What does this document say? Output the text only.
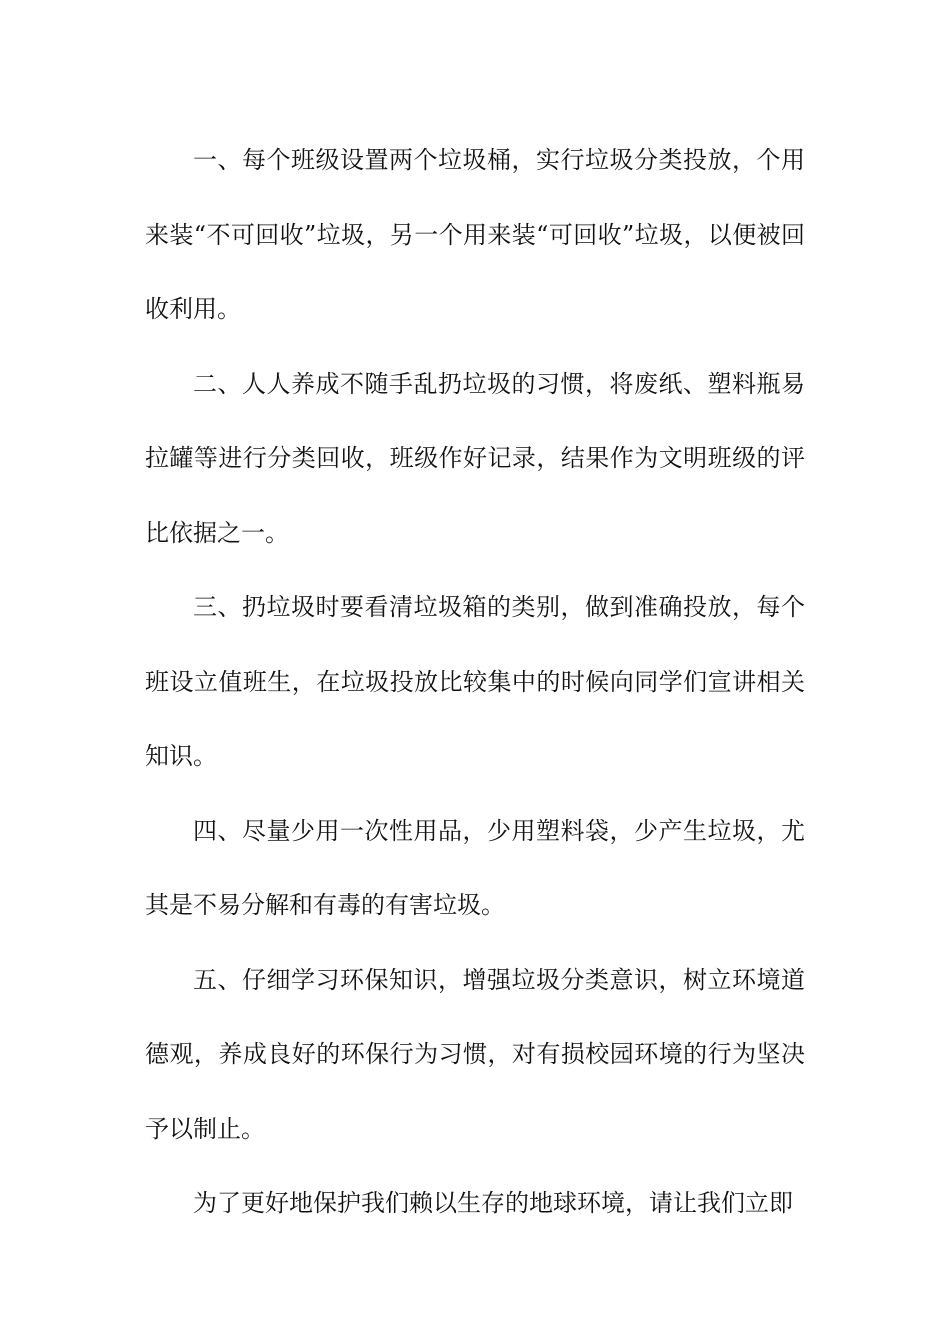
一、每个班级设置两个垃圾桶，实行垃圾分类投放，个用来装“不可回收”垃圾，另一个用来装“可回收”垃圾，以便被回收利用。

二、人人养成不随手乱扔垃圾的习惯，将废纸、塑料瓶易拉罐等进行分类回收，班级作好记录，结果作为文明班级的评比依据之一。

三、扔垃圾时要看清垃圾箱的类别，做到准确投放，每个班设立值班生，在垃圾投放比较集中的时候向同学们宣讲相关知识。

四、尽量少用一次性用品，少用塑料袋，少产生垃圾，尤其是不易分解和有毒的有害垃圾。

五、仔细学习环保知识，增强垃圾分类意识，树立环境道德观，养成良好的环保行为习惯，对有损校园环境的行为坚决予以制止。

为了更好地保护我们赖以生存的地球环境，请让我们立即
